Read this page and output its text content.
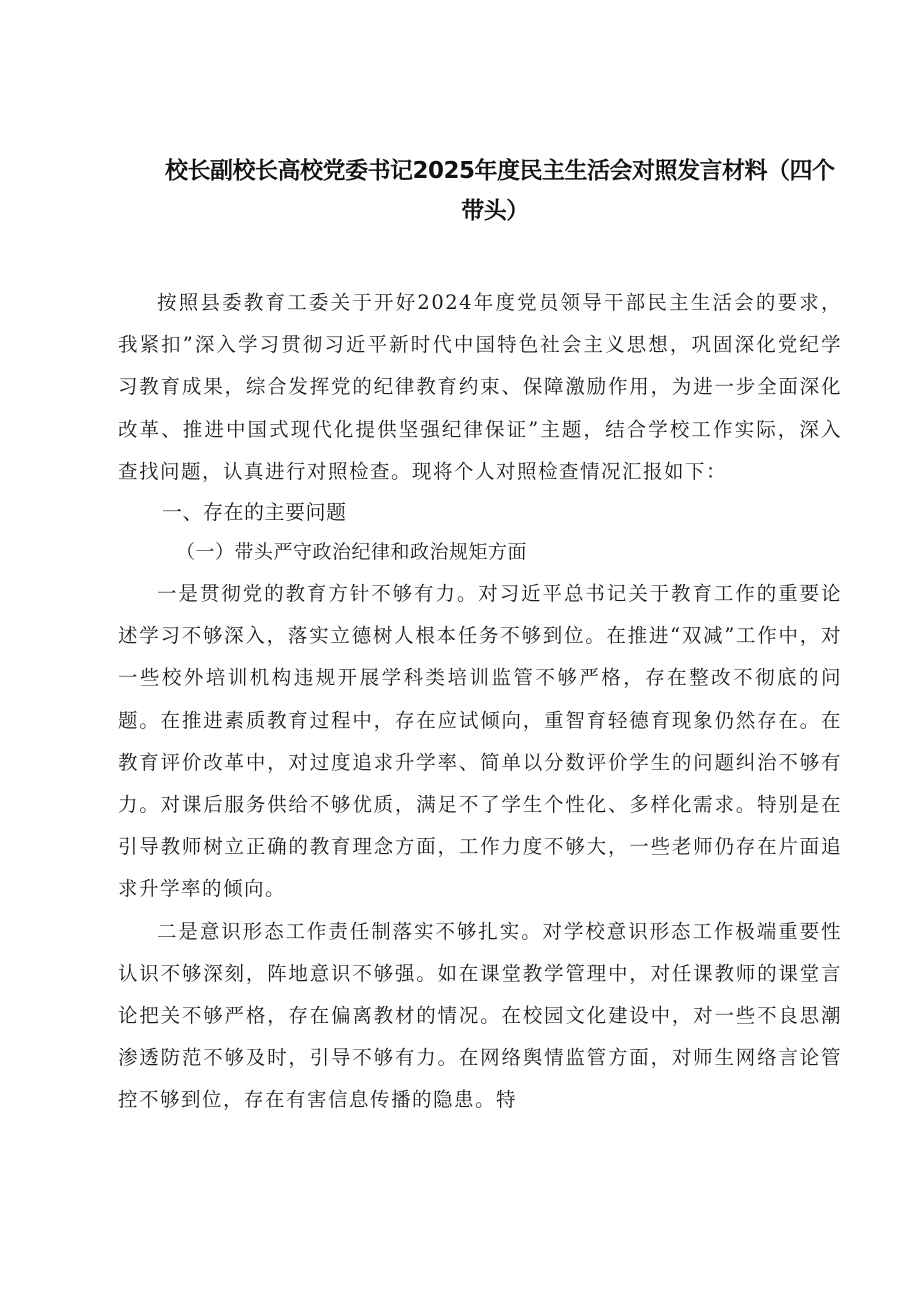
校长副校长高校党委书记2025年度民主生活会对照发言材料（四个
带头）

按照县委教育工委关于开好2024年度党员领导干部民主生活会的要求，我紧扣”深入学习贯彻习近平新时代中国特色社会主义思想，巩固深化党纪学习教育成果，综合发挥党的纪律教育约束、保障激励作用，为进一步全面深化改革、推进中国式现代化提供坚强纪律保证”主题，结合学校工作实际，深入查找问题，认真进行对照检查。现将个人对照检查情况汇报如下：

一、存在的主要问题

（一）带头严守政治纪律和政治规矩方面

一是贯彻党的教育方针不够有力。对习近平总书记关于教育工作的重要论述学习不够深入，落实立德树人根本任务不够到位。在推进“双减”工作中，对一些校外培训机构违规开展学科类培训监管不够严格，存在整改不彻底的问题。在推进素质教育过程中，存在应试倾向，重智育轻德育现象仍然存在。在教育评价改革中，对过度追求升学率、简单以分数评价学生的问题纠治不够有力。对课后服务供给不够优质，满足不了学生个性化、多样化需求。特别是在引导教师树立正确的教育理念方面，工作力度不够大，一些老师仍存在片面追求升学率的倾向。

二是意识形态工作责任制落实不够扎实。对学校意识形态工作极端重要性认识不够深刻，阵地意识不够强。如在课堂教学管理中，对任课教师的课堂言论把关不够严格，存在偏离教材的情况。在校园文化建设中，对一些不良思潮渗透防范不够及时，引导不够有力。在网络舆情监管方面，对师生网络言论管控不够到位，存在有害信息传播的隐患。特
